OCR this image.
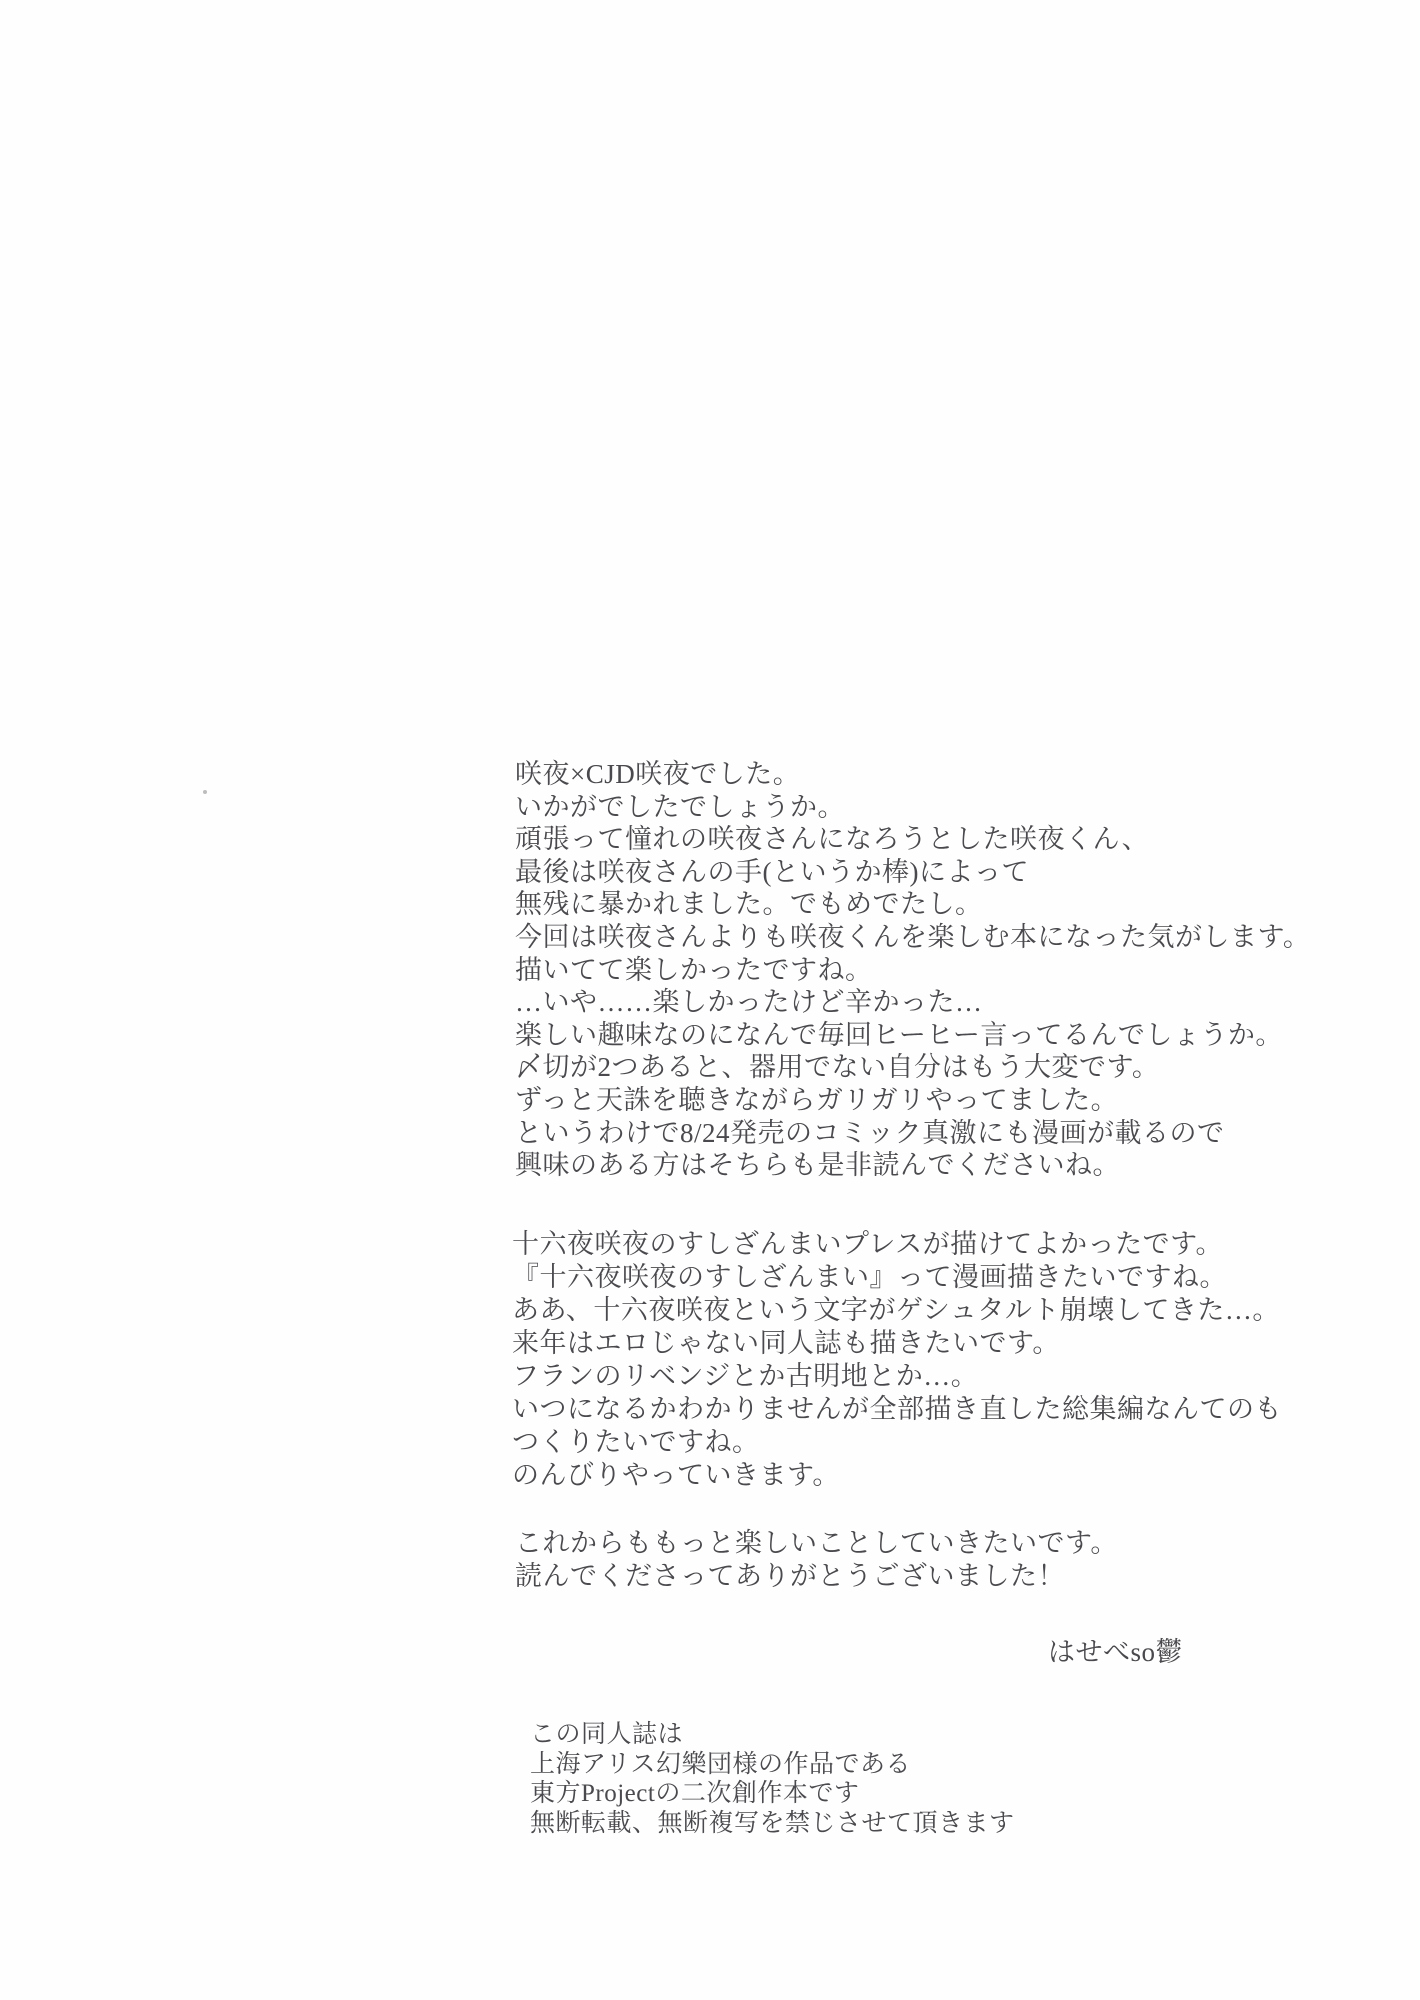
咲夜×CJD咲夜でした。
いかがでしたでしょうか。
頑張って憧れの咲夜さんになろうとした咲夜くん、
最後は咲夜さんの手(というか棒)によって
無残に暴かれました。でもめでたし。
今回は咲夜さんよりも咲夜くんを楽しむ本になった気がします。
描いてて楽しかったですね。
…いや……楽しかったけど辛かった…
楽しい趣味なのになんで毎回ヒーヒー言ってるんでしょうか。
〆切が2つあると、器用でない自分はもう大変です。
ずっと天誅を聴きながらガリガリやってました。
というわけで8/24発売のコミック真激にも漫画が載るので
興味のある方はそちらも是非読んでくださいね。
十六夜咲夜のすしざんまいプレスが描けてよかったです。
『十六夜咲夜のすしざんまい』って漫画描きたいですね。
ああ、十六夜咲夜という文字がゲシュタルト崩壊してきた…。
来年はエロじゃない同人誌も描きたいです。
フランのリベンジとか古明地とか…。
いつになるかわかりませんが全部描き直した総集編なんてのも
つくりたいですね。
のんびりやっていきます。
これからももっと楽しいことしていきたいです。
読んでくださってありがとうございました！
はせべso鬱
この同人誌は
上海アリス幻樂団様の作品である
東方Projectの二次創作本です
無断転載、無断複写を禁じさせて頂きます
